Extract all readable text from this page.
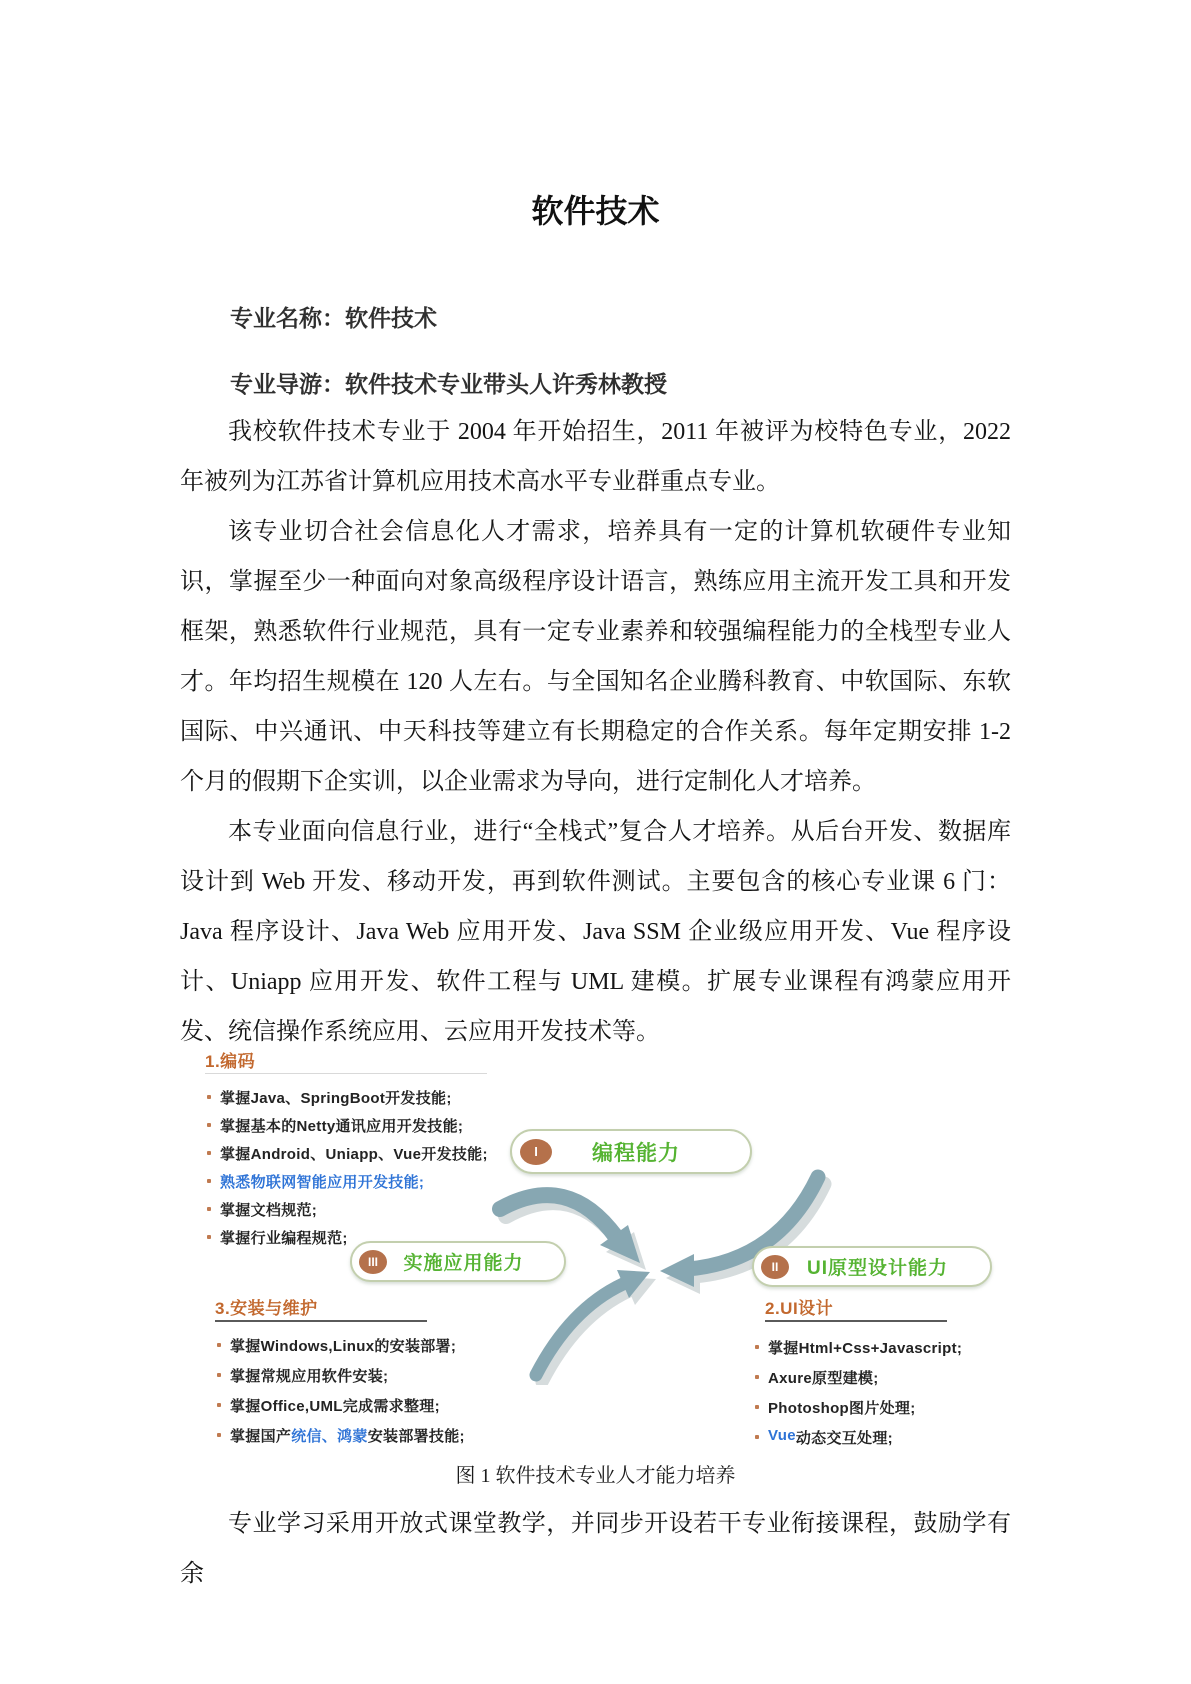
软件技术
专业名称：软件技术
专业导游：软件技术专业带头人许秀林教授

我校软件技术专业于 2004 年开始招生，2011 年被评为校特色专业，2022 年被列为江苏省计算机应用技术高水平专业群重点专业。

该专业切合社会信息化人才需求，培养具有一定的计算机软硬件专业知识，掌握至少一种面向对象高级程序设计语言，熟练应用主流开发工具和开发框架，熟悉软件行业规范，具有一定专业素养和较强编程能力的全栈型专业人才。年均招生规模在 120 人左右。与全国知名企业腾科教育、中软国际、东软国际、中兴通讯、中天科技等建立有长期稳定的合作关系。每年定期安排 1-2 个月的假期下企实训，以企业需求为导向，进行定制化人才培养。

本专业面向信息行业，进行“全栈式”复合人才培养。从后台开发、数据库设计到 Web 开发、移动开发，再到软件测试。主要包含的核心专业课 6 门：Java 程序设计、Java Web 应用开发、Java SSM 企业级应用开发、Vue 程序设计、Uniapp 应用开发、软件工程与 UML 建模。扩展专业课程有鸿蒙应用开发、统信操作系统应用、云应用开发技术等。

1.编码
掌握Java、SpringBoot开发技能;
掌握基本的Netty通讯应用开发技能;
掌握Android、Uniapp、Vue开发技能;
熟悉物联网智能应用开发技能;
掌握文档规范;
掌握行业编程规范;
I	编程能力
III	实施应用能力	II	UI原型设计能力
3.安装与维护
掌握Windows,Linux的安装部署;
掌握常规应用软件安装;
掌握Office,UML完成需求整理;
掌握国产 统信、鸿蒙 安装部署技能;
2.UI设计
掌握Html+Css+Javascript;
Axure原型建模;
Photoshop图片处理;
Vue 动态交互处理;

图 1 软件技术专业人才能力培养

专业学习采用开放式课堂教学，并同步开设若干专业衔接课程，鼓励学有余
